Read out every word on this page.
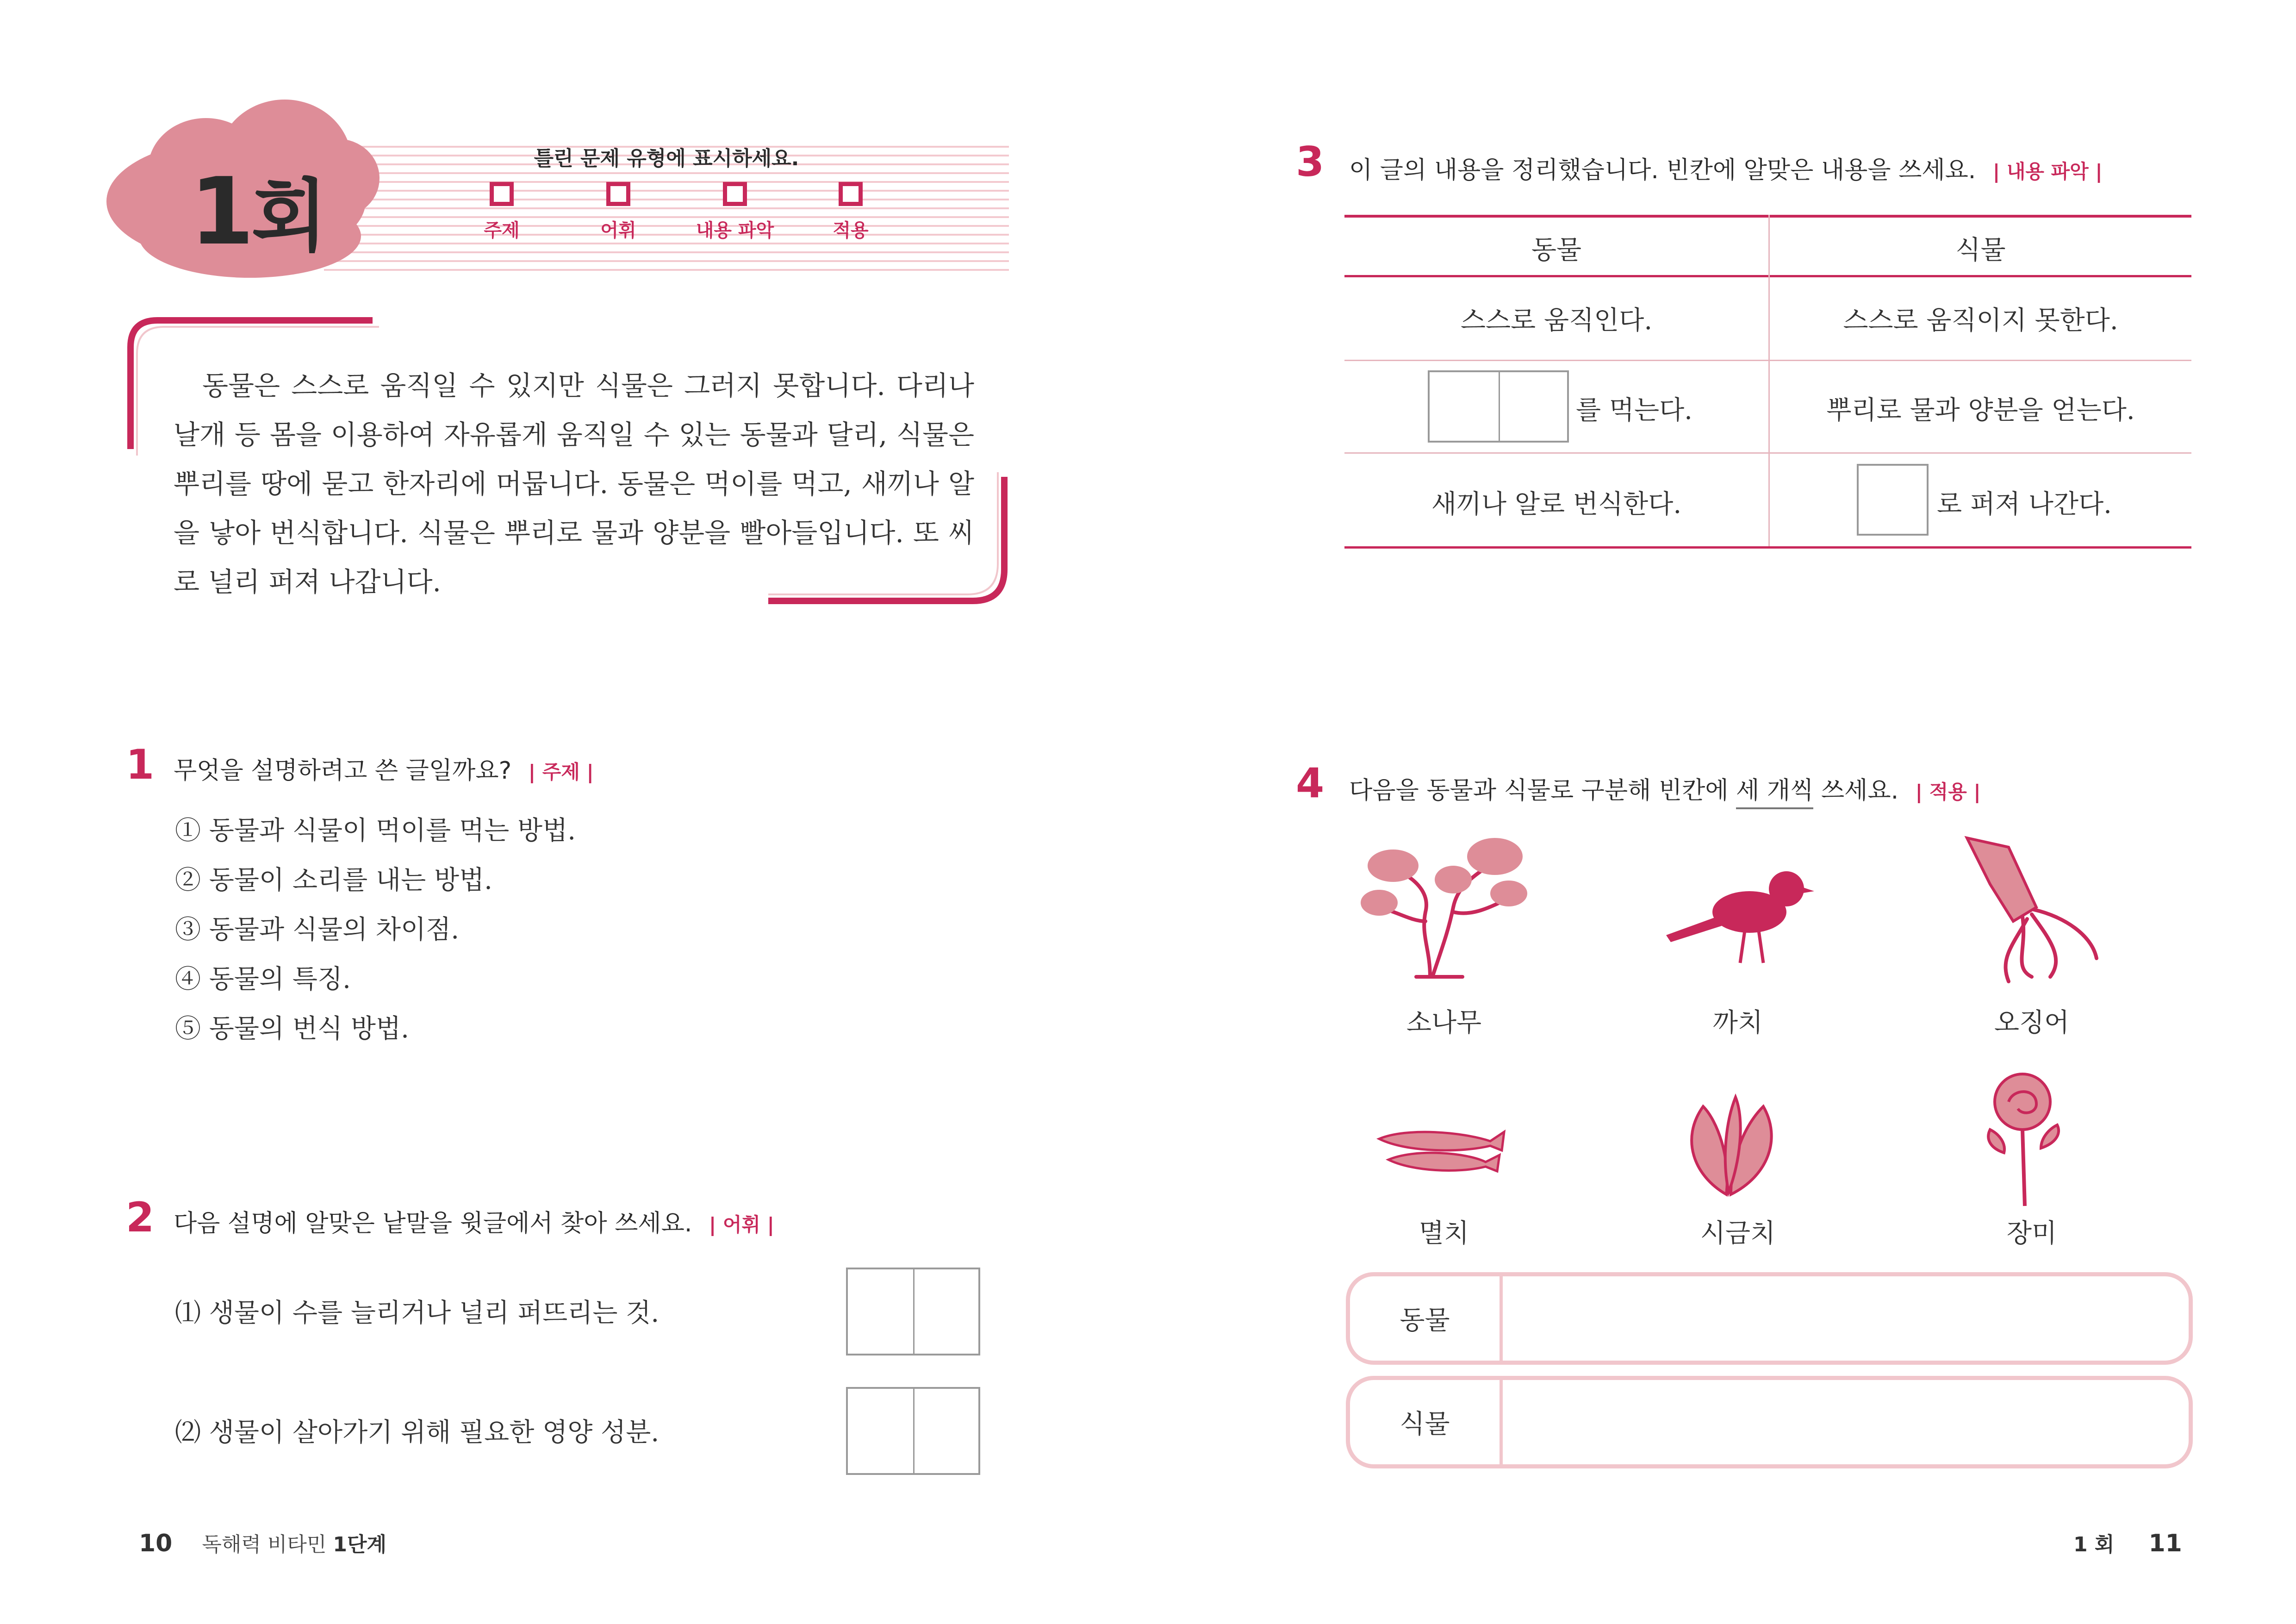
1회
틀린 문제 유형에 표시하세요.
주제	어휘	내용 파악	적용
동물은 스스로 움직일 수 있지만 식물은 그러지 못합니다. 다리나 날개 등 몸을 이용하여 자유롭게 움직일 수 있는 동물과 달리, 식물은 뿌리를 땅에 묻고 한자리에 머뭅니다. 동물은 먹이를 먹고, 새끼나 알을 낳아 번식합니다. 식물은 뿌리로 물과 양분을 빨아들입니다. 또 씨로 널리 퍼져 나갑니다.
1 무엇을 설명하려고 쓴 글일까요? | 주제 |
① 동물과 식물이 먹이를 먹는 방법.
② 동물이 소리를 내는 방법.
③ 동물과 식물의 차이점.
④ 동물의 특징.
⑤ 동물의 번식 방법.
2 다음 설명에 알맞은 낱말을 윗글에서 찾아 쓰세요. | 어휘 |
⑴ 생물이 수를 늘리거나 널리 퍼뜨리는 것.
⑵ 생물이 살아가기 위해 필요한 영양 성분.
10 독해력 비타민 1단계
3 이 글의 내용을 정리했습니다. 빈칸에 알맞은 내용을 쓰세요. | 내용 파악 |
동물	식물
스스로 움직인다.	스스로 움직이지 못한다.
를 먹는다.	뿌리로 물과 양분을 얻는다.
새끼나 알로 번식한다.	로 퍼져 나간다.
4 다음을 동물과 식물로 구분해 빈칸에 세 개씩 쓰세요. | 적용 |
소나무	까치	오징어
멸치	시금치	장미
동물
식물
1 회 11
